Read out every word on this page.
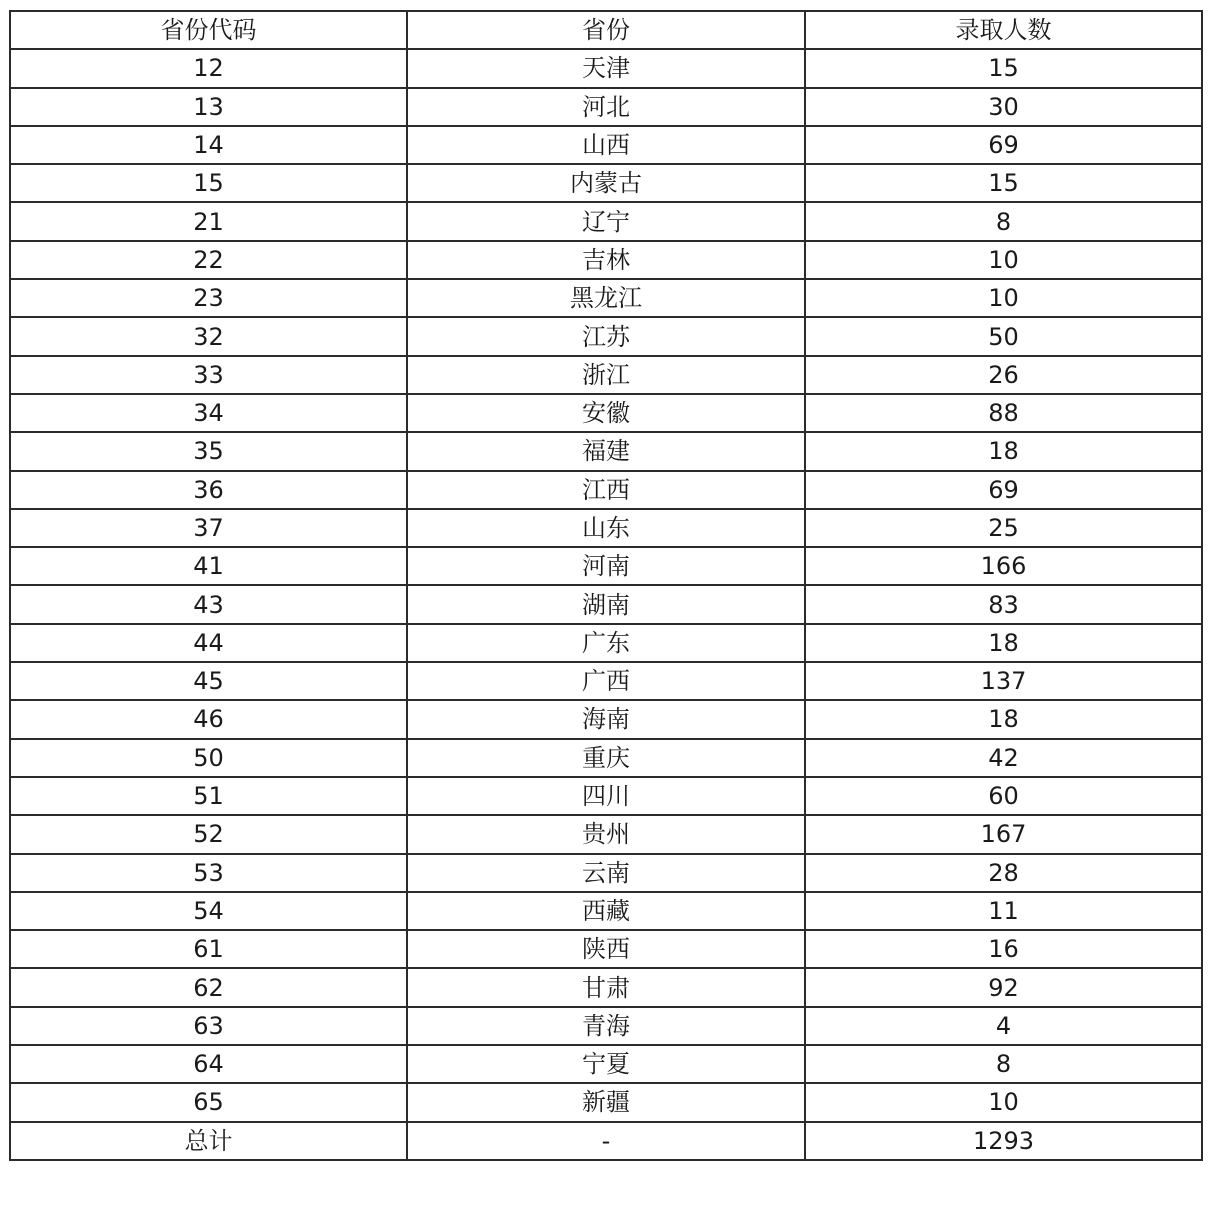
省份代码	省份	录取人数
12	天津	15
13	河北	30
14	山西	69
15	内蒙古	15
21	辽宁	8
22	吉林	10
23	黑龙江	10
32	江苏	50
33	浙江	26
34	安徽	88
35	福建	18
36	江西	69
37	山东	25
41	河南	166
43	湖南	83
44	广东	18
45	广西	137
46	海南	18
50	重庆	42
51	四川	60
52	贵州	167
53	云南	28
54	西藏	11
61	陕西	16
62	甘肃	92
63	青海	4
64	宁夏	8
65	新疆	10
总计	-	1293
